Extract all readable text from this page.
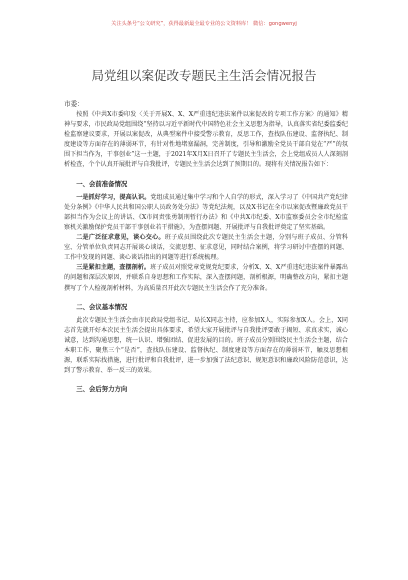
关注头条号“公文研究”，获得最新最全最专业的公文资料库！ 微信：gongwenyj
局党组以案促改专题民主生活会情况报告
市委：

按照《中共X市委印发〈关于开展X、X、X严重违纪违法案件以案促改的专项工作方案〉的通知》精神与要求，市民政局党组围绕“坚持以习近平新时代中国特色社会主义思想为指导，认真落实省纪委监委纪检监察建议要求，开展以案促改，从典型案件中接受警示教育，反思工作，查找队伍建设、监督执纪、制度建设等方面存在的薄弱环节，有针对性地堵塞漏洞，完善制度，引导和激励全党员干部自觉在“严”的氛围下担当作为，干事创业”这一主题，于2021年X月X日召开了专题民主生活会，会上党组成员人人深刻剖析检查，个个认真开展批评与自我批评，专题民主生活会达到了预期目的。现将有关情况报告如下：

一、会前准备情况

一是抓好学习，提高认识。党组成员通过集中学习和个人自学的形式，深入学习了《中国共产党纪律处分条例》《中华人民共和国公职人员政务处分法》等党纪法规，以及X书记在全市以案促改暨廉政党员干部担当作为会议上的讲话、《X市问责张勇制刑暂行办法》和《中共X市纪委、X市监察委员会全市纪检监察机关激励保护党员干部干事创业若干措施》，为查摆问题、开展批评与自我批评奠定了坚实基础。

二是广泛征求意见，谈心交心。班子成员围绕此次专题民主生活会主题，分别与班子成员、分管科室、分管单位负责同志开展谈心谈话，交流思想、征求意见，同时结合案例，将学习研讨中查摆的问题、工作中发现的问题、谈心谈话指出的问题等进行系统梳理。

三是紧扣主题，查摆剖析。班子成员对照党章党规党纪要求，分析X、X、X严重违纪违法案件暴露出的问题和深层次原因，并联系自身思想和工作实际，深入查摆问题，剖析根源，明确整改方向，紧扣主题撰写了个人检视剖析材料，为高质量召开此次专题民主生活会作了充分准备。

二、会议基本情况

此次专题民主生活会由市民政局党组书记、局长X同志主持，应参加X人，实际参加X人。会上，X同志首先就开好本次民主生活会提出具体要求，希望大家开展批评与自我批评要敢于揭短、求真求实，诚心诚意，达到沟通思想，统一认识、增强团结、促进发展的目的。班子成员分别围绕民主生活会主题，结合本职工作，聚焦三个“是否”，查找队伍建设、监督执纪、制度建设等方面存在的薄弱环节，触及思想根源，联系实际找措施，进行批评和自我批评，进一步加强了法纪意识、规矩意识和廉政风险防范意识，达到了警示教育、举一反三的效果。

三、会后努力方向
